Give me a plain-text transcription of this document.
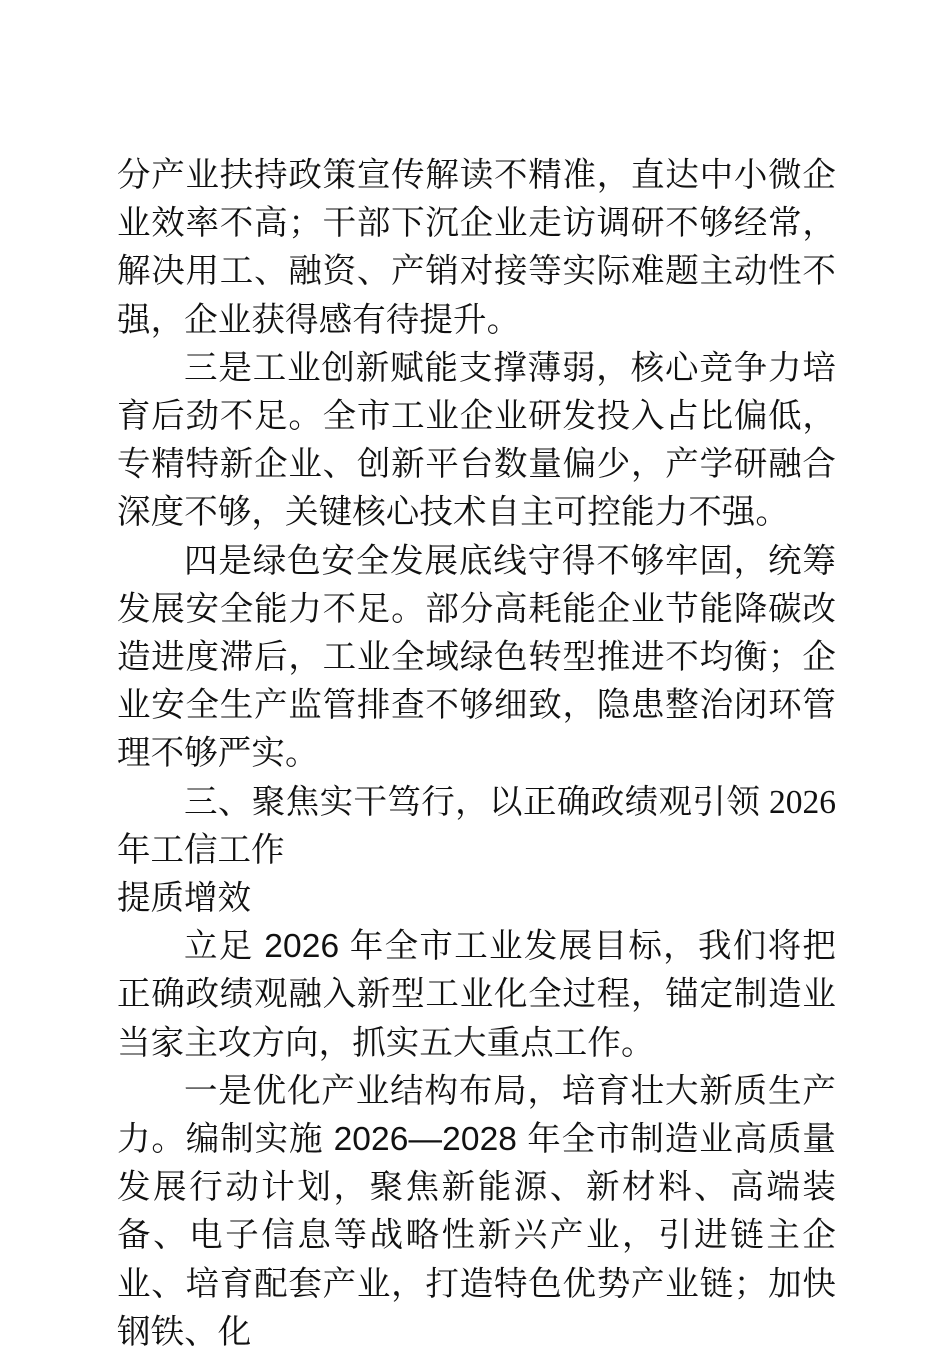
分产业扶持政策宣传解读不精准，直达中小微企业效率不高；干部下沉企业走访调研不够经常，解决用工、融资、产销对接等实际难题主动性不强，企业获得感有待提升。

三是工业创新赋能支撑薄弱，核心竞争力培育后劲不足。全市工业企业研发投入占比偏低，专精特新企业、创新平台数量偏少，产学研融合深度不够，关键核心技术自主可控能力不强。

四是绿色安全发展底线守得不够牢固，统筹发展安全能力不足。部分高耗能企业节能降碳改造进度滞后，工业全域绿色转型推进不均衡；企业安全生产监管排查不够细致，隐患整治闭环管理不够严实。

三、聚焦实干笃行，以正确政绩观引领 2026 年工信工作

提质增效

立足 2026 年全市工业发展目标，我们将把正确政绩观融入新型工业化全过程，锚定制造业当家主攻方向，抓实五大重点工作。

一是优化产业结构布局，培育壮大新质生产力。编制实施 2026—2028 年全市制造业高质量发展行动计划，聚焦新能源、新材料、高端装备、电子信息等战略性新兴产业，引进链主企业、培育配套产业，打造特色优势产业链；加快钢铁、化
